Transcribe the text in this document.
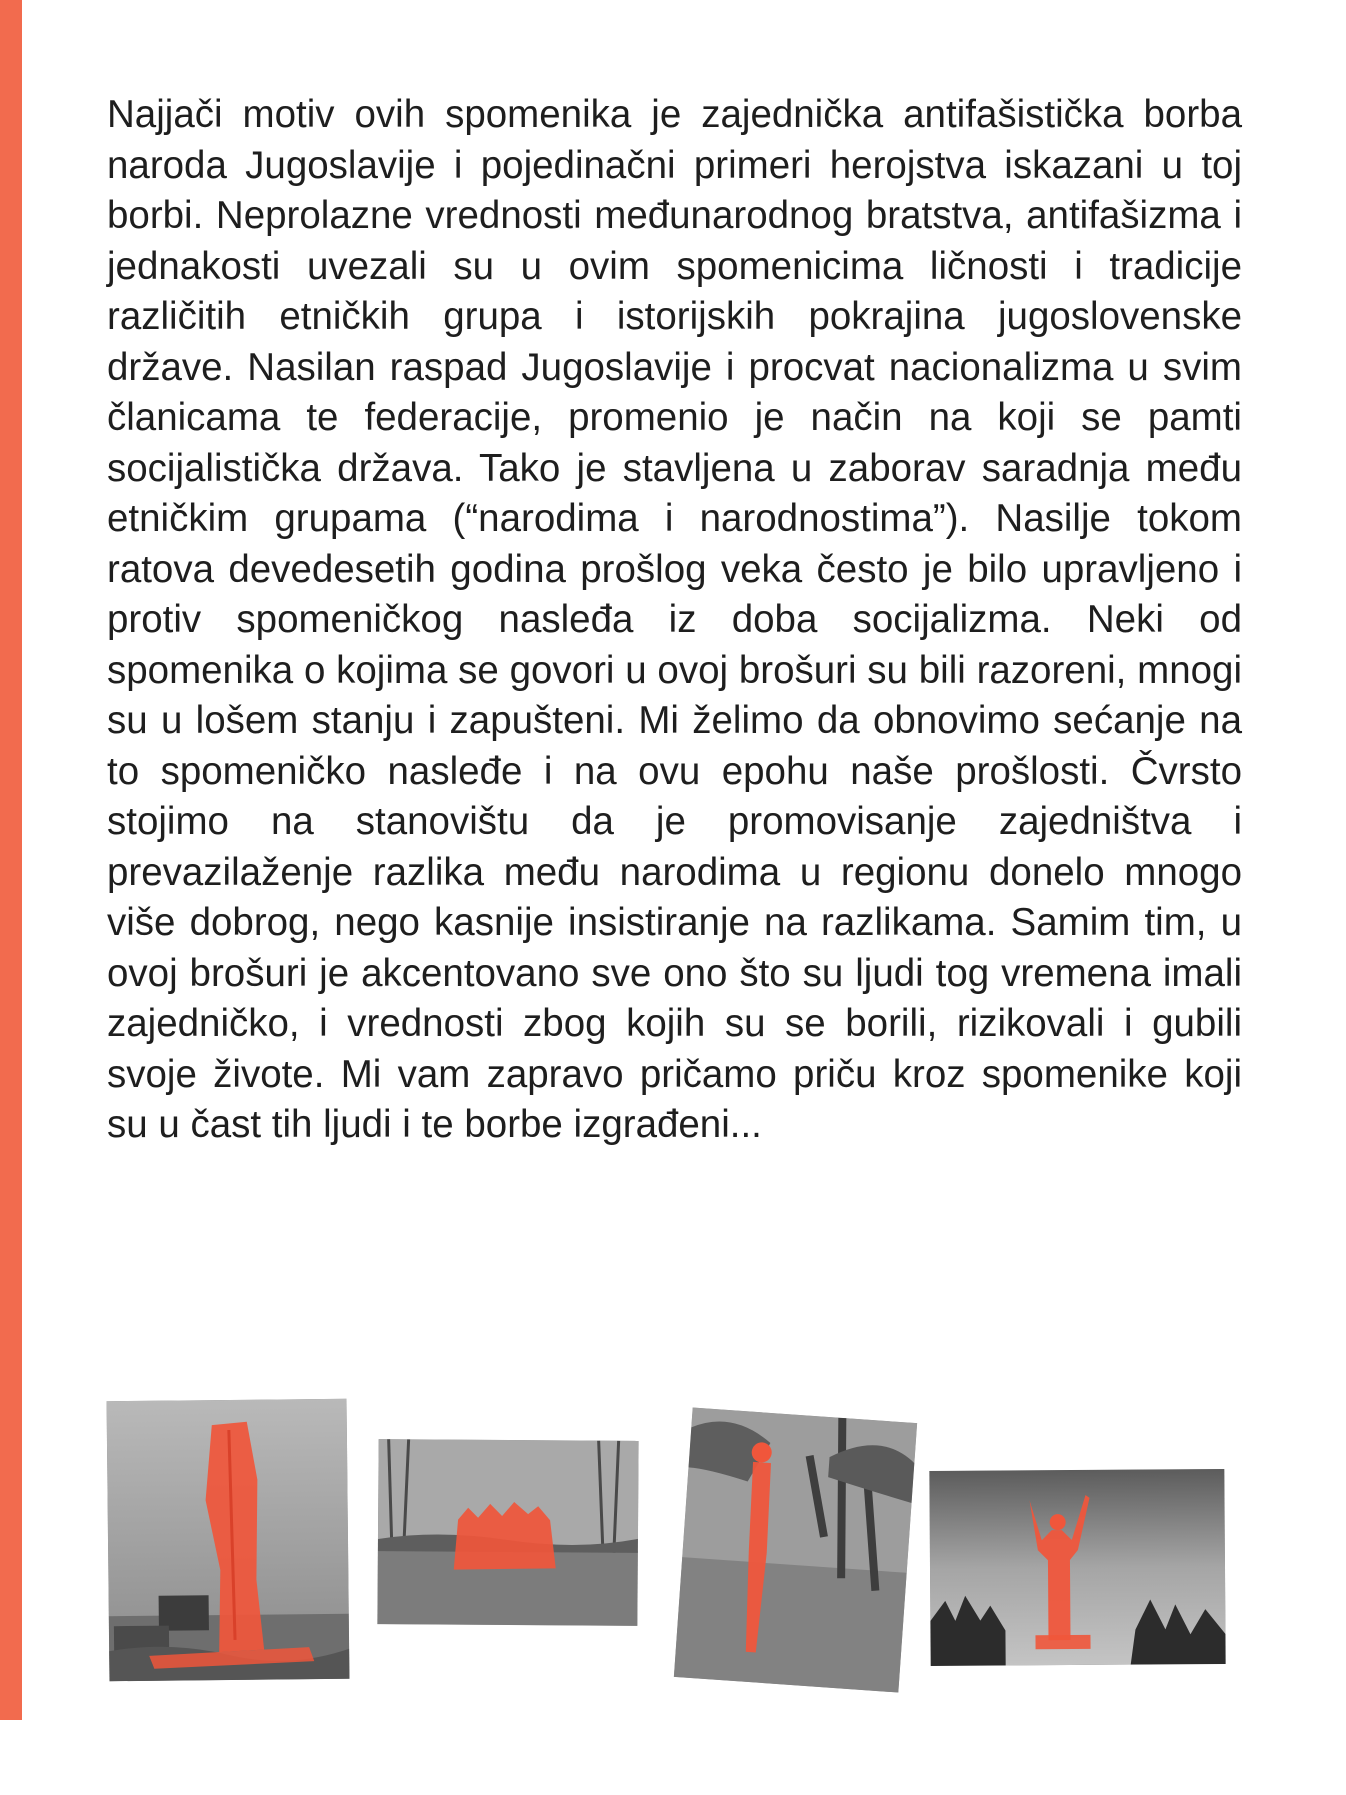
Najjači motiv ovih spomenika je zajednička antifašistička borba naroda Jugoslavije i pojedinačni primeri herojstva iskazani u toj borbi. Neprolazne vrednosti međunarodnog bratstva, antifašizma i jednakosti uvezali su u ovim spomenicima ličnosti i tradicije različitih etničkih grupa i istorijskih pokrajina jugoslovenske države. Nasilan raspad Jugoslavije i procvat nacionalizma u svim članicama te federacije, promenio je način na koji se pamti socijalistička država. Tako je stavljena u zaborav saradnja među etničkim grupama (“narodima i narodnostima”). Nasilje tokom ratova devedesetih godina prošlog veka često je bilo upravljeno i protiv spomeničkog nasleđa iz doba socijalizma. Neki od spomenika o kojima se govori u ovoj brošuri su bili razoreni, mnogi su u lošem stanju i zapušteni. Mi želimo da obnovimo sećanje na to spomeničko nasleđe i na ovu epohu naše prošlosti. Čvrsto stojimo na stanovištu da je promovisanje zajedništva i prevazilaženje razlika među narodima u regionu donelo mnogo više dobrog, nego kasnije insistiranje na razlikama. Samim tim, u ovoj brošuri je akcentovano sve ono što su ljudi tog vremena imali zajedničko, i vrednosti zbog kojih su se borili, rizikovali i gubili svoje živote. Mi vam zapravo pričamo priču kroz spomenike koji su u čast tih ljudi i te borbe izgrađeni...
